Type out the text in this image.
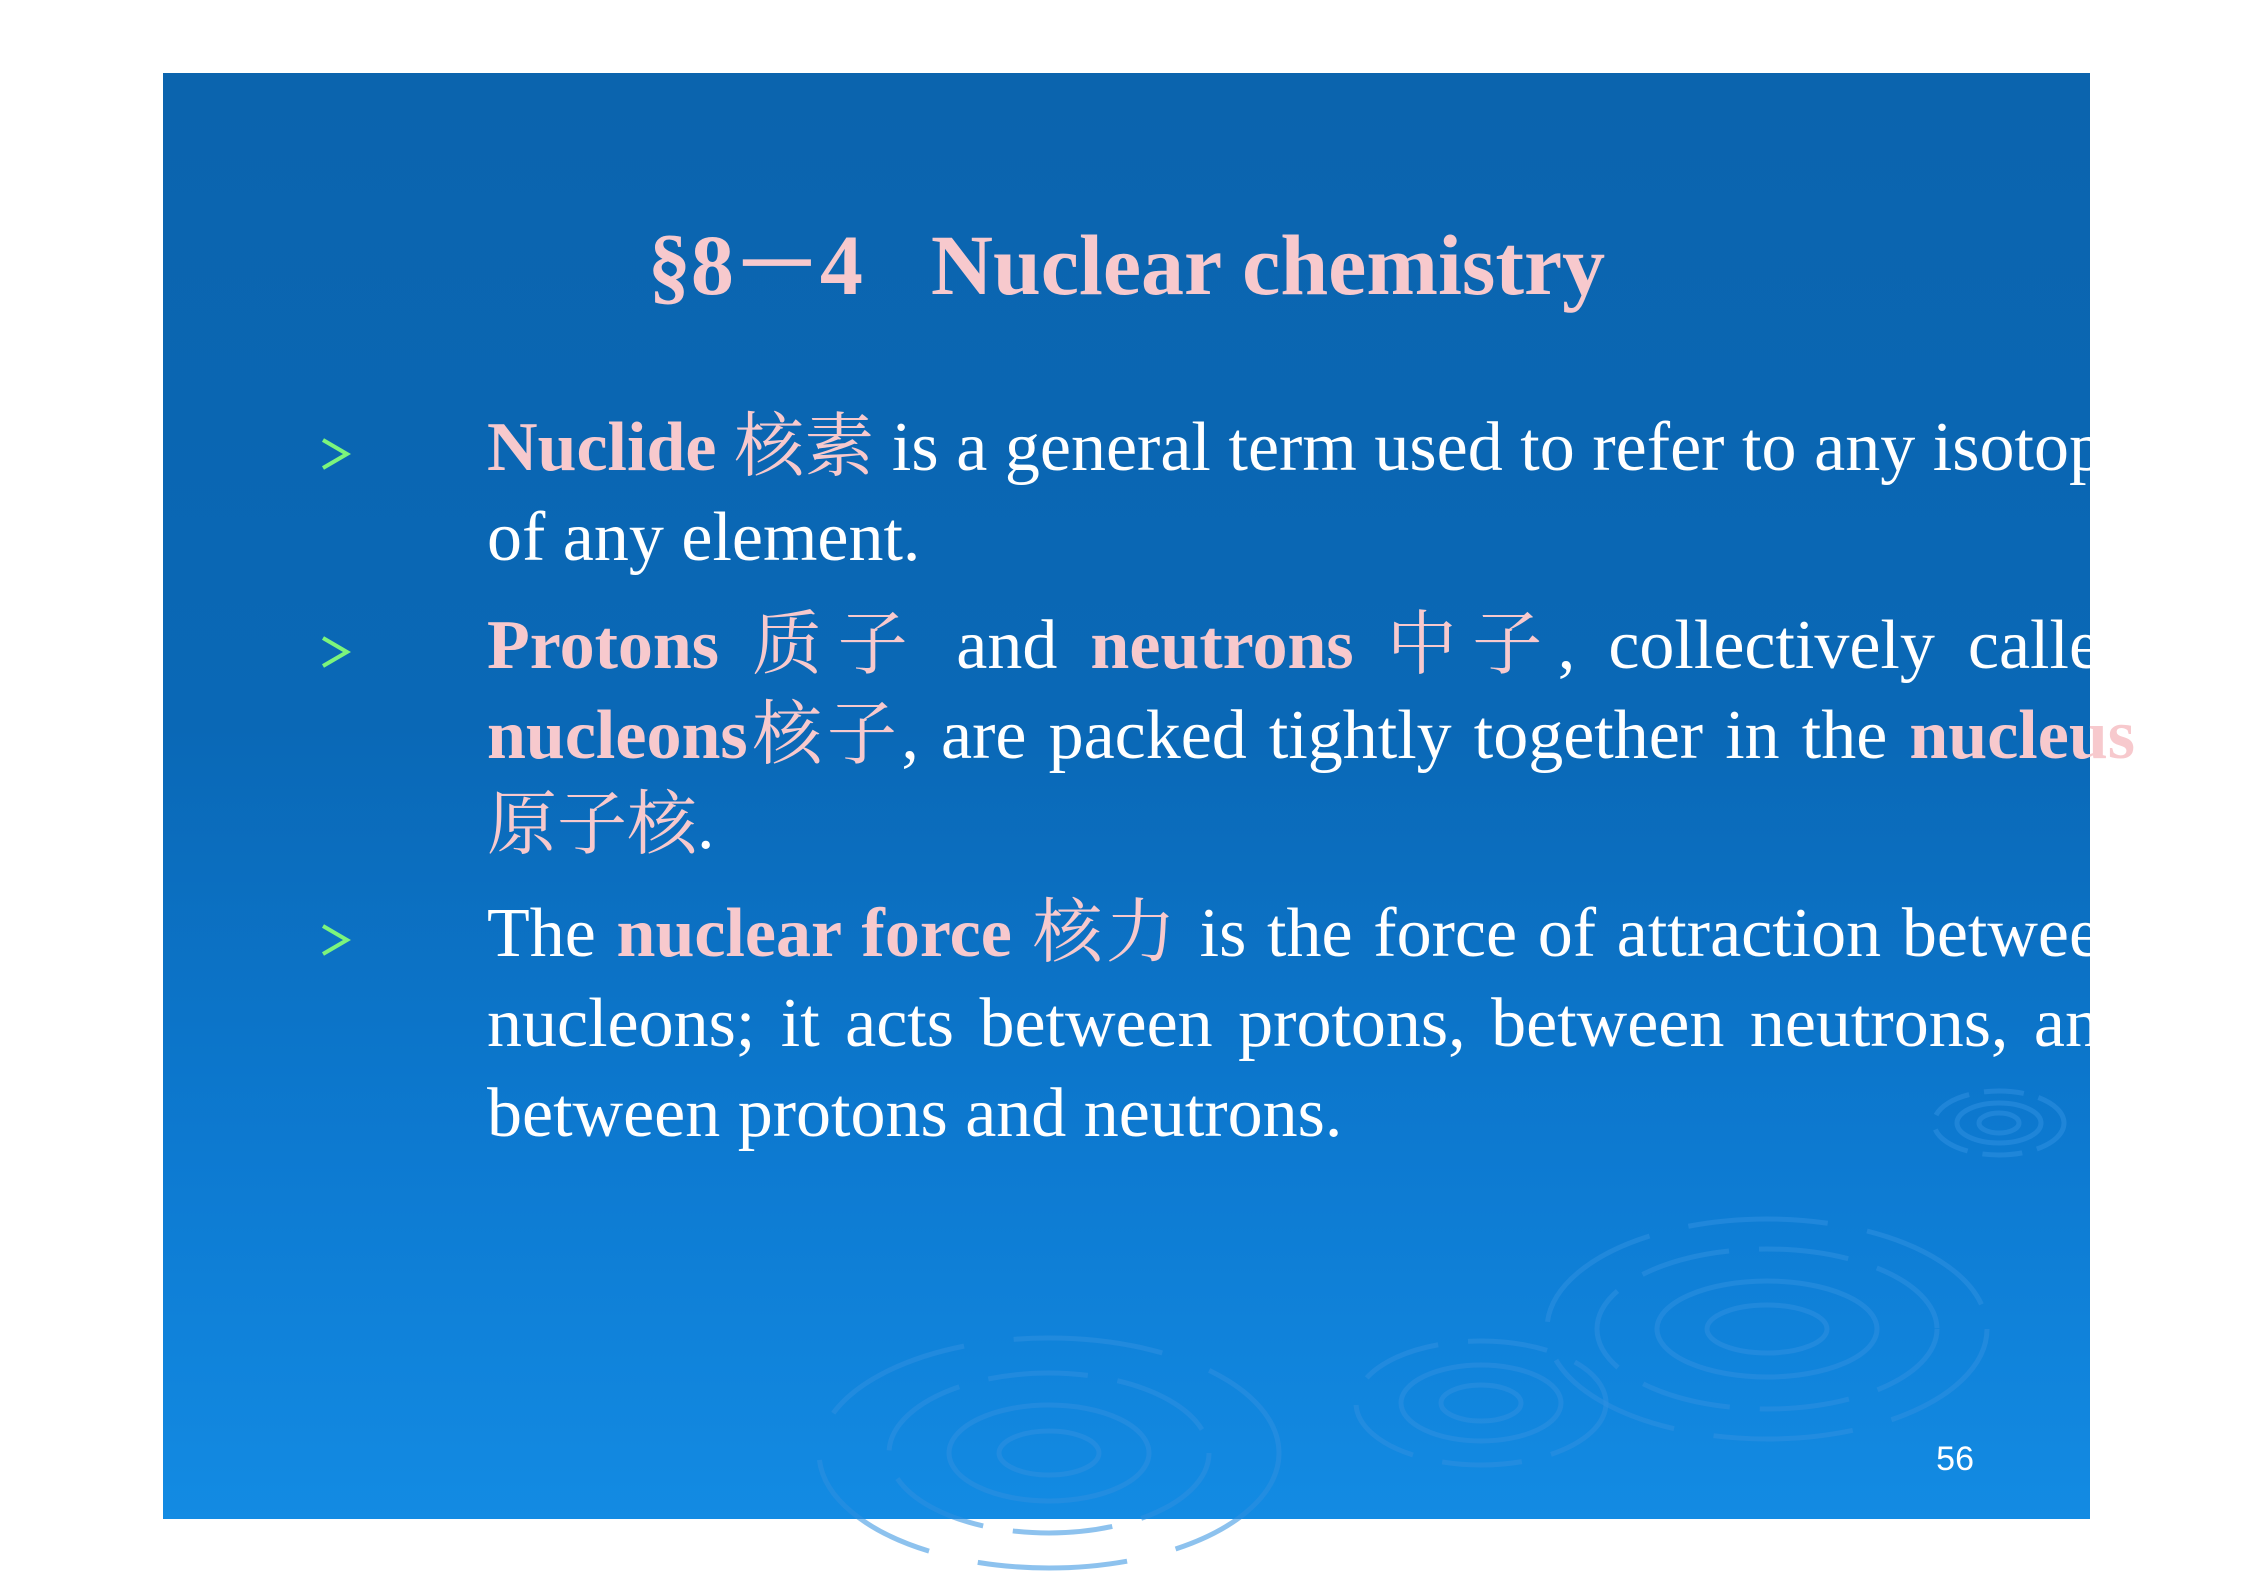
§8－4 Nuclear chemistry
Nuclide 核素 is a general term used to refer to any isotope of any element.
Protons 质子 and neutrons 中子, collectively called nucleons核子, are packed tightly together in the nucleus 原子核.
The nuclear force 核力 is the force of attraction between nucleons; it acts between protons, between neutrons, and between protons and neutrons.
56
